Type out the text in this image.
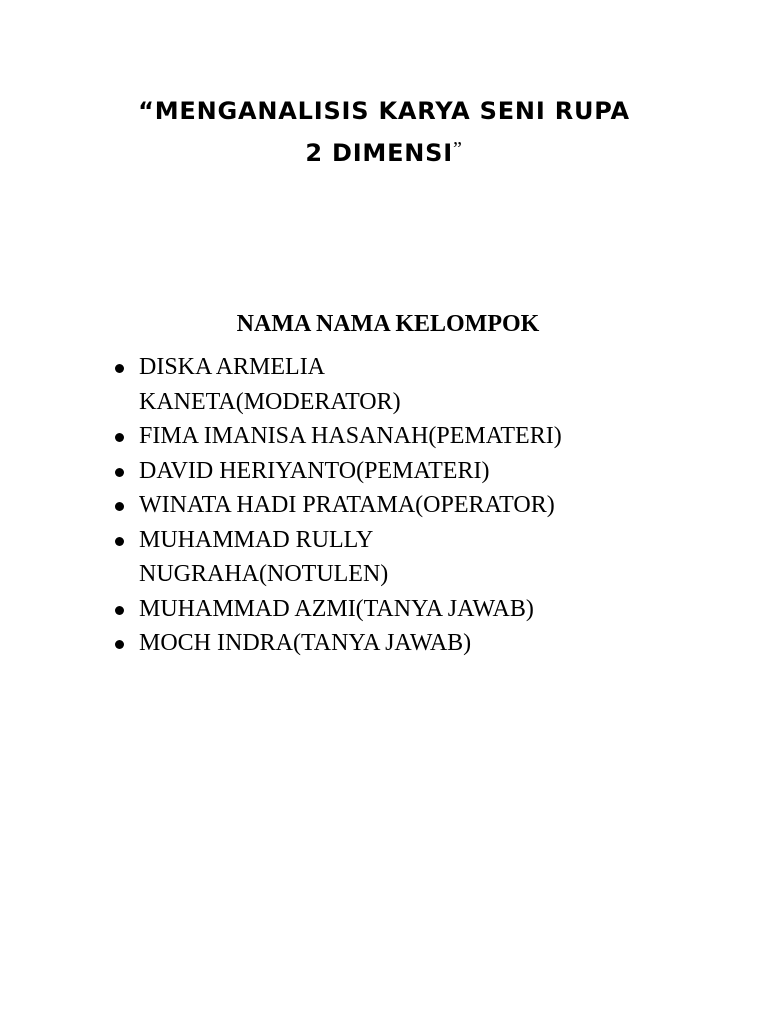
“MENGANALISIS KARYA SENI RUPA
2 DIMENSI”
NAMA NAMA KELOMPOK
DISKA ARMELIA
KANETA(MODERATOR)
FIMA IMANISA HASANAH(PEMATERI)
DAVID HERIYANTO(PEMATERI)
WINATA HADI PRATAMA(OPERATOR)
MUHAMMAD RULLY
NUGRAHA(NOTULEN)
MUHAMMAD AZMI(TANYA JAWAB)
MOCH INDRA(TANYA JAWAB)
